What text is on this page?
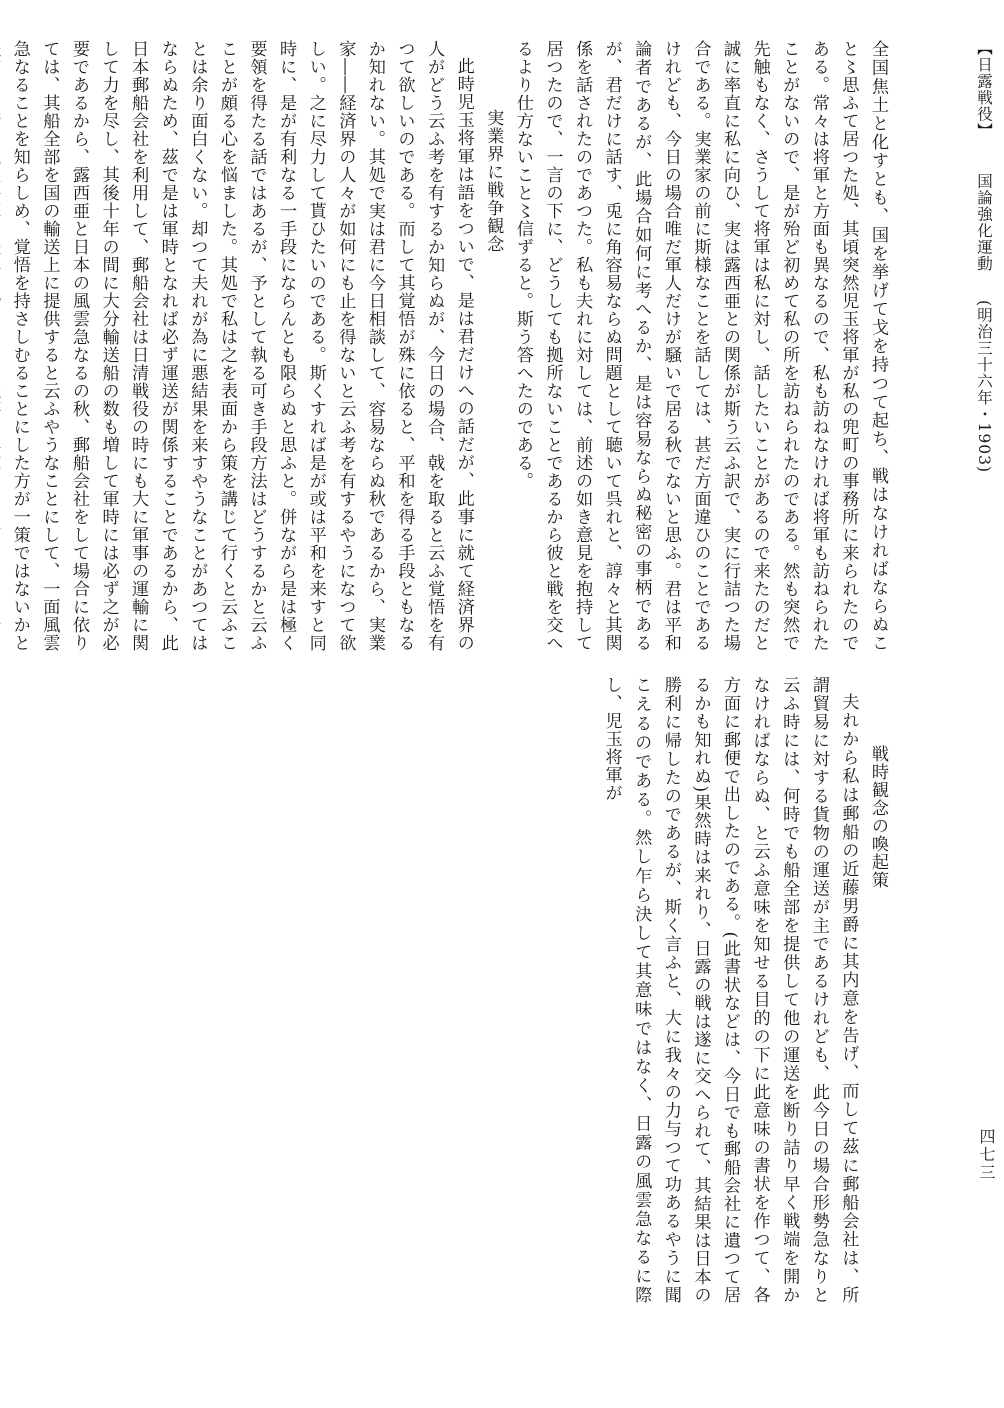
全国焦土と化すとも、国を挙げて戈を持つて起ち、戦はなければならぬこと〻思ふて居つた処、其頃突然児玉将軍が私の兜町の事務所に来られたのである。常々は将軍と方面も異なるので、私も訪ねなければ将軍も訪ねられたことがないので、是が殆ど初めて私の所を訪ねられたのである。然も突然で先触もなく、さうして将軍は私に対し、話したいことがあるので来たのだと誠に率直に私に向ひ、実は露西亜との関係が斯う云ふ訳で、実に行詰つた場合である。実業家の前に斯様なことを話しては、甚だ方面違ひのことであるけれども、今日の場合唯だ軍人だけが騒いで居る秋でないと思ふ。君は平和論者であるが、此場合如何に考へるか、是は容易ならぬ秘密の事柄であるが、君だけに話す、兎に角容易ならぬ問題として聴いて呉れと、諄々と其関係を話されたのであつた。私も夫れに対しては、前述の如き意見を抱持して居つたので、一言の下に、どうしても拠所ないことであるから彼と戦を交へるより仕方ないこと〻信ずると。斯う答へたのである。

実業界に戦争観念

此時児玉将軍は語をついで、是は君だけへの話だが、此事に就て経済界の人がどう云ふ考を有するか知らぬが、今日の場合、戟を取ると云ふ覚悟を有つて欲しいのである。而して其覚悟が殊に依ると、平和を得る手段ともなるか知れない。其処で実は君に今日相談して、容易ならぬ秋であるから、実業家――経済界の人々が如何にも止を得ないと云ふ考を有するやうになつて欲しい。之に尽力して貰ひたいのである。斯くすれば是が或は平和を来すと同時に、是が有利なる一手段にならんとも限らぬと思ふと。併ながら是は極く要領を得たる話ではあるが、予として執る可き手段方法はどうするかと云ふことが頗る心を悩ました。其処で私は之を表面から策を講じて行くと云ふことは余り面白くない。却つて夫れが為に悪結果を来すやうなことがあつてはならぬため、茲で是は軍時となれば必ず運送が関係することであるから、此日本郵船会社を利用して、郵船会社は日清戦役の時にも大に軍事の運輸に関して力を尽し、其後十年の間に大分輸送船の数も増して軍時には必ず之が必要であるから、露西亜と日本の風雲急なるの秋、郵船会社をして場合に依りては、其船全部を国の輸送上に提供すると云ふやうなことにして、一面風雲急なることを知らしめ、覚悟を持さしむることにした方が一策ではないかと

戦時観念の喚起策

夫れから私は郵船の近藤男爵に其内意を告げ、而して茲に郵船会社は、所謂貿易に対する貨物の運送が主であるけれども、此今日の場合形勢急なりと云ふ時には、何時でも船全部を提供して他の運送を断り詰り早く戦端を開かなければならぬ、と云ふ意味を知せる目的の下に此意味の書状を作つて、各方面に郵便で出したのである。(此書状などは、今日でも郵船会社に遺つて居るかも知れぬ)果然時は来れり、日露の戦は遂に交へられて、其結果は日本の勝利に帰したのであるが、斯く言ふと、大に我々の力与つて功あるやうに聞こえるのである。然し乍ら決して其意味ではなく、日露の風雲急なるに際し、児玉将軍が

【日露戦役】国論強化運動(明治三十六年・1903)
四七三
